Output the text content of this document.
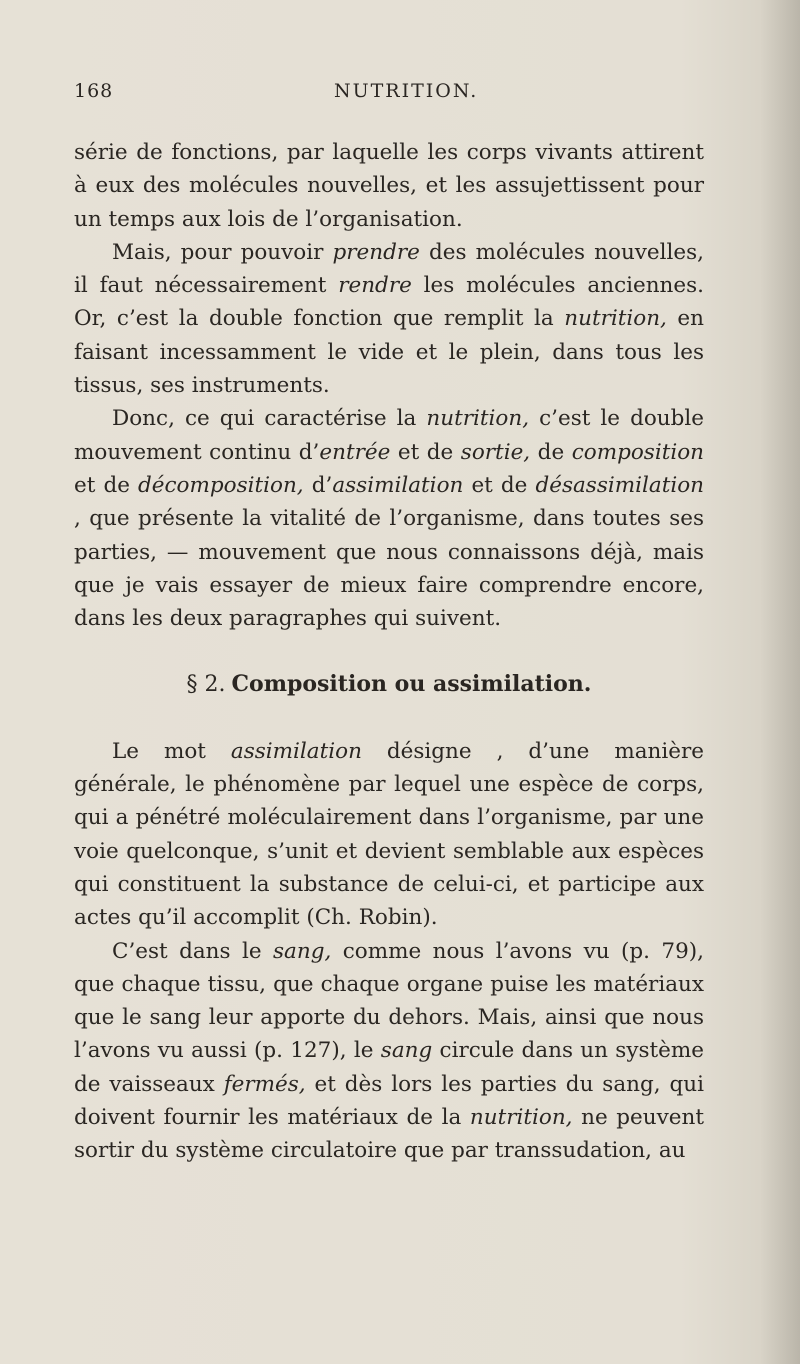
168	NUTRITION.

série de fonctions, par laquelle les corps vivants attirent à eux des molécules nouvelles, et les assujettissent pour un temps aux lois de l’organisation.

Mais, pour pouvoir prendre des molécules nouvelles, il faut nécessairement rendre les molécules anciennes. Or, c’est la double fonction que remplit la nutrition, en faisant incessamment le vide et le plein, dans tous les tissus, ses instruments.

Donc, ce qui caractérise la nutrition, c’est le double mouvement continu d’entrée et de sortie, de composition et de décomposition, d’assimilation et de désassimilation , que présente la vitalité de l’organisme, dans toutes ses parties, — mouvement que nous connaissons déjà, mais que je vais essayer de mieux faire comprendre encore, dans les deux paragraphes qui suivent.

§ 2. Composition ou assimilation.

Le mot assimilation désigne , d’une manière générale, le phénomène par lequel une espèce de corps, qui a pénétré moléculairement dans l’organisme, par une voie quelconque, s’unit et devient semblable aux espèces qui constituent la substance de celui-ci, et participe aux actes qu’il accomplit (Ch. Robin).

C’est dans le sang, comme nous l’avons vu (p. 79), que chaque tissu, que chaque organe puise les matériaux que le sang leur apporte du dehors. Mais, ainsi que nous l’avons vu aussi (p. 127), le sang circule dans un système de vaisseaux fermés, et dès lors les parties du sang, qui doivent fournir les matériaux de la nutrition, ne peuvent sortir du système circulatoire que par transsudation, au
